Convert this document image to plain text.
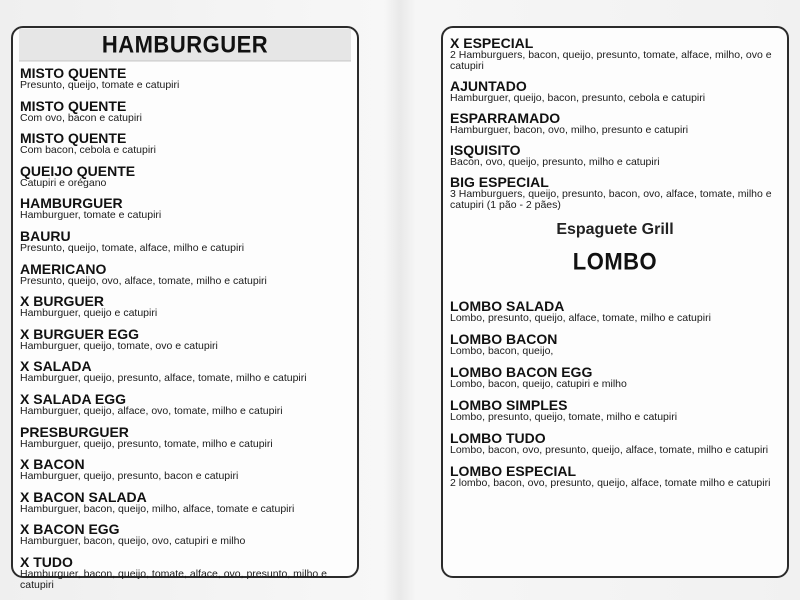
HAMBURGUER
MISTO QUENTE
Presunto, queijo, tomate e catupiri
MISTO QUENTE
Com ovo, bacon e catupiri
MISTO QUENTE
Com bacon, cebola e catupiri
QUEIJO QUENTE
Catupiri e orégano
HAMBURGUER
Hamburguer, tomate e catupiri
BAURU
Presunto, queijo, tomate, alface, milho e catupiri
AMERICANO
Presunto, queijo, ovo, alface, tomate, milho e catupiri
X BURGUER
Hamburguer, queijo e catupiri
X BURGUER EGG
Hamburguer, queijo, tomate, ovo e catupiri
X SALADA
Hamburguer, queijo, presunto, alface, tomate, milho e catupiri
X SALADA EGG
Hamburguer, queijo, alface, ovo, tomate, milho e catupiri
PRESBURGUER
Hamburguer, queijo, presunto, tomate, milho e catupiri
X BACON
Hamburguer, queijo, presunto, bacon e catupiri
X BACON SALADA
Hamburguer, bacon, queijo, milho, alface, tomate e catupiri
X BACON EGG
Hamburguer, bacon, queijo, ovo, catupiri e milho
X TUDO
Hamburguer, bacon, queijo, tomate, alface, ovo, presunto, milho e catupiri
X ESPECIAL
2 Hamburguers, bacon, queijo, presunto, tomate, alface, milho, ovo e catupiri
AJUNTADO
Hamburguer, queijo, bacon, presunto, cebola e catupiri
ESPARRAMADO
Hamburguer, bacon, ovo, milho, presunto e catupiri
ISQUISITO
Bacon, ovo, queijo, presunto, milho e catupiri
BIG ESPECIAL
3 Hamburguers, queijo, presunto, bacon, ovo, alface, tomate, milho e catupiri (1 pão - 2 pães)
Espaguete Grill
LOMBO
LOMBO SALADA
Lombo, presunto, queijo, alface, tomate, milho e catupiri
LOMBO BACON
Lombo, bacon, queijo,
LOMBO BACON EGG
Lombo, bacon, queijo, catupiri e milho
LOMBO SIMPLES
Lombo, presunto, queijo, tomate, milho e catupiri
LOMBO TUDO
Lombo, bacon, ovo, presunto, queijo, alface, tomate, milho e catupiri
LOMBO ESPECIAL
2 lombo, bacon, ovo, presunto, queijo, alface, tomate milho e catupiri
